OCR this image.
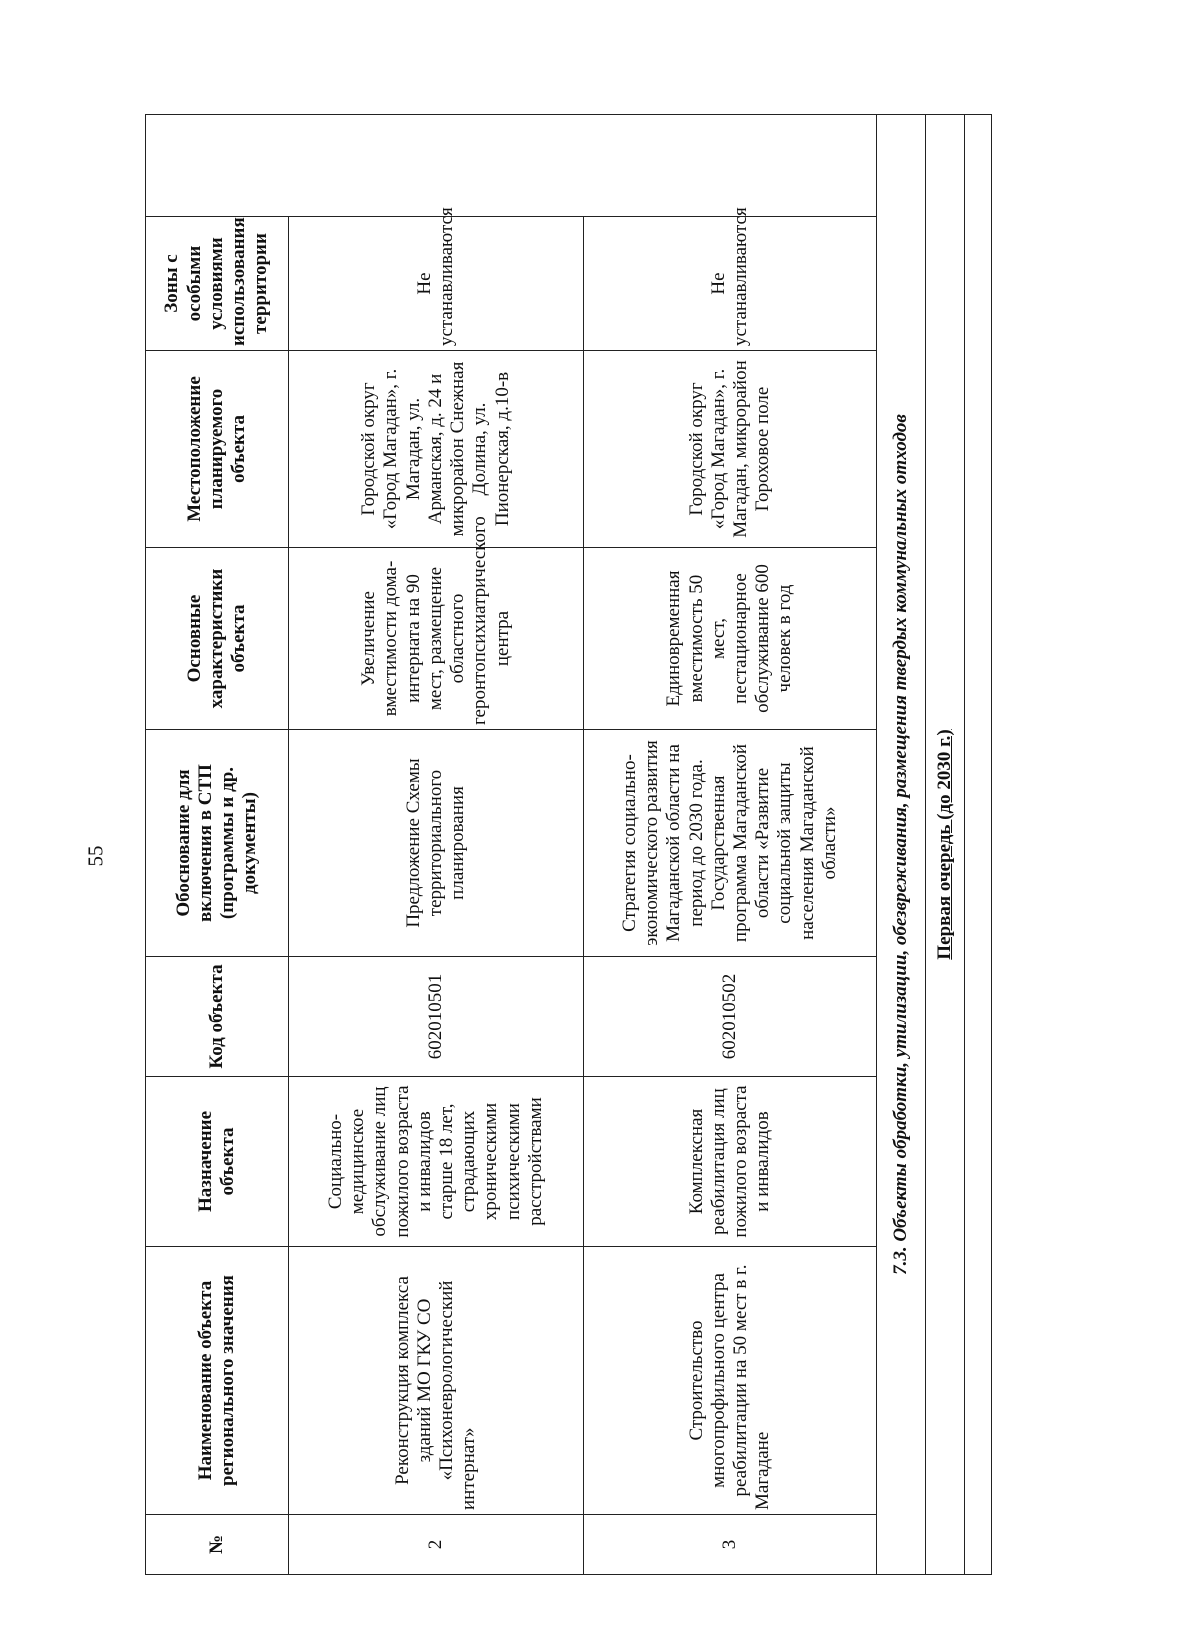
55
№	Наименование объекта регионального значения	Назначение объекта	Код объекта	Обоснование для включения в СТП (программы и др. документы)	Основные характеристики объекта	Местоположение планируемого объекта	Зоны с особыми условиями использования территории	
2	Реконструкция комплекса зданий МО ГКУ СО «Психоневрологический интернат»	Социально-медицинское обслуживание лиц пожилого возраста и инвалидов старше 18 лет, страдающих хроническими психическими расстройствами	602010501	Предложение Схемы территориального планирования	Увеличение вместимости дома-интерната на 90 мест, размещение областного геронтопсихиатрического центра	Городской округ «Город Магадан», г. Магадан, ул. Арманская, д. 24 и микрорайон Снежная Долина, ул. Пионерская, д.10-в	Не устанавливаются	
3	Строительство многопрофильного центра реабилитации на 50 мест в г. Магадане	Комплексная реабилитация лиц пожилого возраста и инвалидов	602010502	Стратегия социально-экономического развития Магаданской области на период до 2030 года. Государственная программа Магаданской области «Развитие социальной защиты населения Магаданской области»	Единовременная вместимость 50 мест, пестационарное обслуживание 600 человек в год	Городской округ «Город Магадан», г. Магадан, микрорайон Гороховое поле	Не устанавливаются	
7.3. Объекты обработки, утилизации, обезвреживания, размещения твердых коммунальных отходов								
Первая очередь (до 2030 г.)								
